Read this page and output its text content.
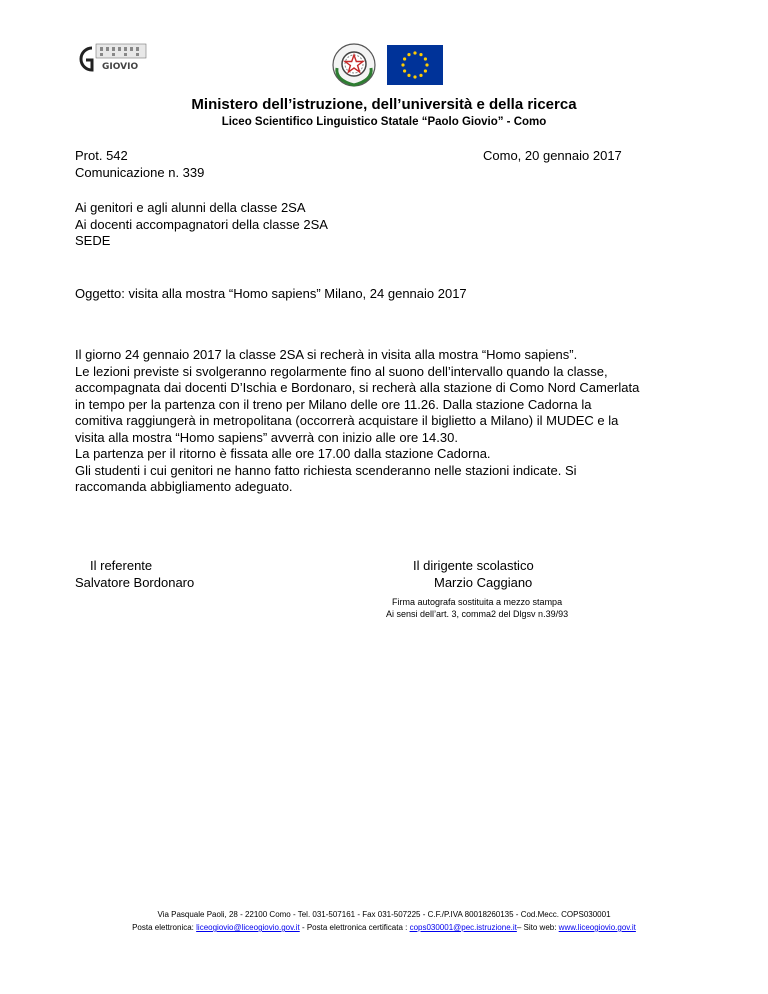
GIOVIO
Ministero dell’istruzione, dell’università e della ricerca
Liceo Scientifico Linguistico Statale “Paolo Giovio” - Como
Prot. 542
Comunicazione n. 339
Como, 20 gennaio 2017
Ai genitori e agli alunni della classe 2SA
Ai docenti accompagnatori della classe 2SA
SEDE
Oggetto: visita alla mostra “Homo sapiens” Milano, 24 gennaio 2017
Il giorno 24 gennaio 2017 la classe 2SA si recherà in visita alla mostra “Homo sapiens”.
Le lezioni previste si svolgeranno regolarmente fino al suono dell’intervallo quando la classe,
accompagnata dai docenti D’Ischia e Bordonaro, si recherà alla stazione di Como Nord Camerlata
in tempo per la partenza con il treno per Milano delle ore 11.26. Dalla stazione Cadorna la
comitiva raggiungerà in metropolitana (occorrerà acquistare il biglietto a Milano) il MUDEC e la
visita alla mostra “Homo sapiens” avverrà con inizio alle ore 14.30.
La partenza per il ritorno è fissata alle ore 17.00 dalla stazione Cadorna.
Gli studenti i cui genitori ne hanno fatto richiesta scenderanno nelle stazioni indicate. Si
raccomanda abbigliamento adeguato.
Il referente
Salvatore Bordonaro
Il dirigente scolastico
Marzio Caggiano
Firma autografa sostituita a mezzo stampa
Ai sensi dell’art. 3, comma2 del Dlgsv n.39/93
Via Pasquale Paoli, 28 - 22100 Como - Tel. 031-507161 - Fax 031-507225 - C.F./P.IVA 80018260135 - Cod.Mecc. COPS030001
Posta elettronica: liceogiovio@liceogiovio.gov.it - Posta elettronica certificata : cops030001@pec.istruzione.it– Sito web: www.liceogiovio.gov.it
